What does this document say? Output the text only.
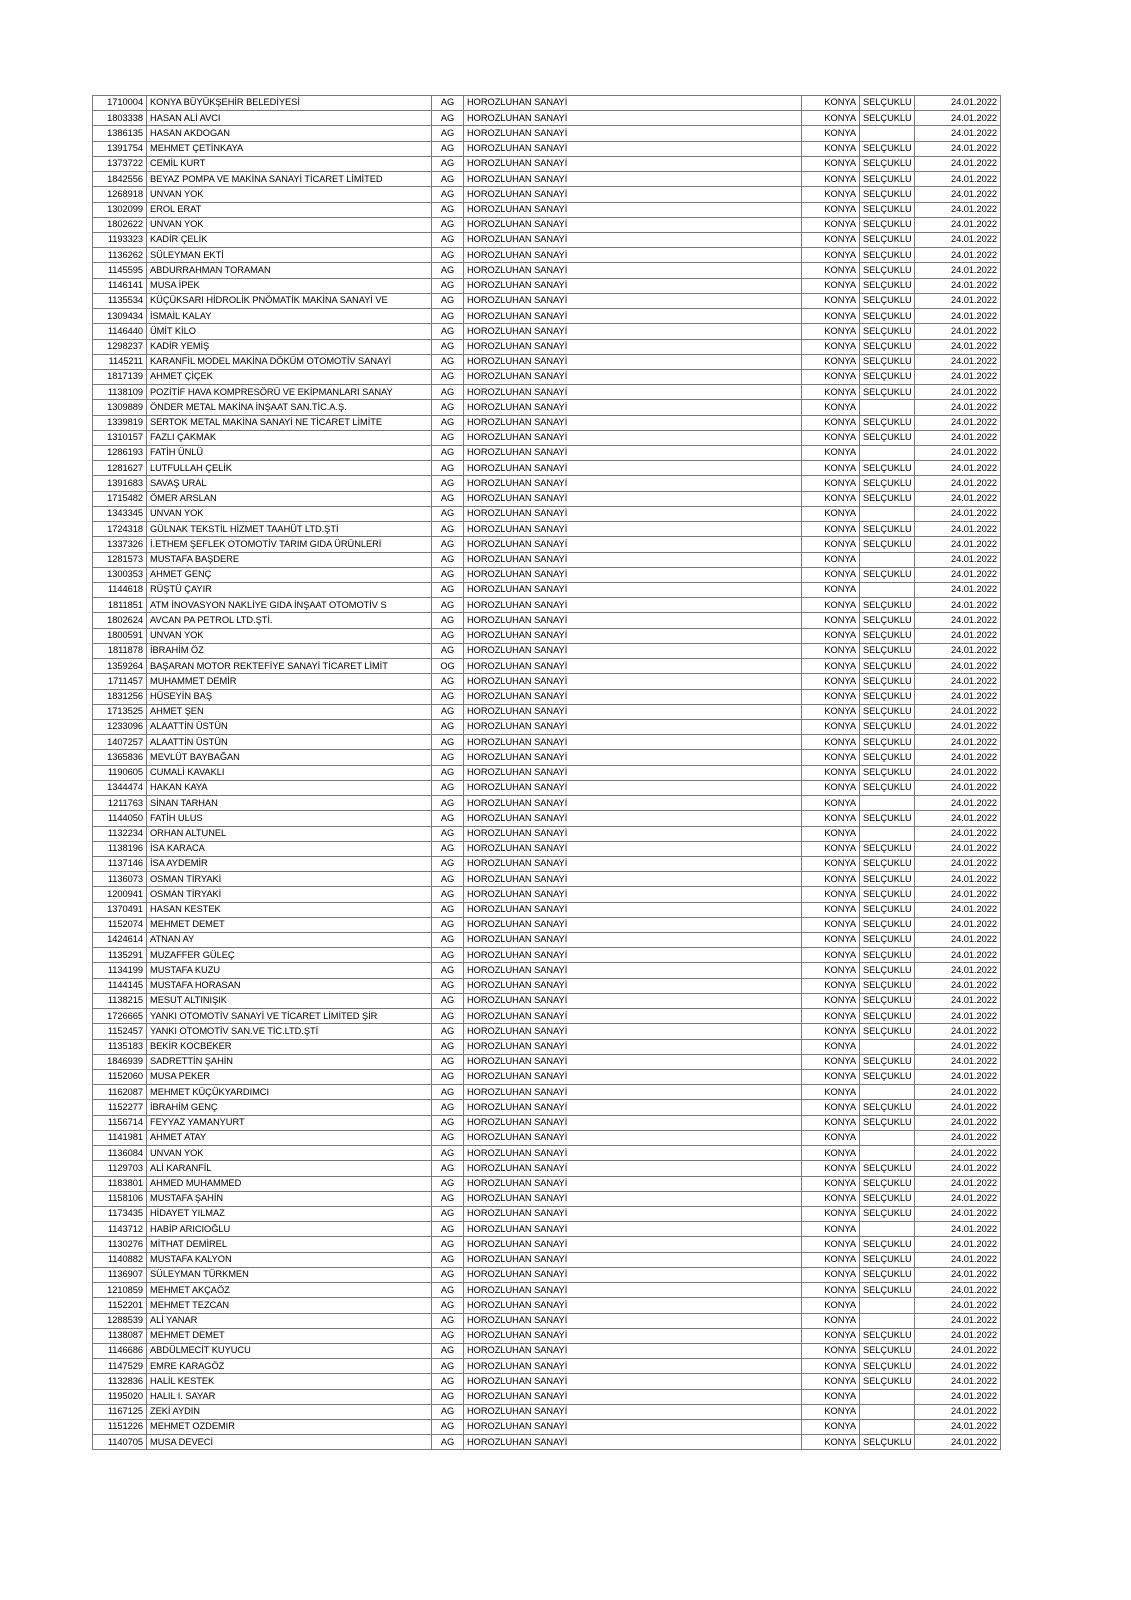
1710004	KONYA BÜYÜKŞEHİR BELEDİYESİ	AG	HOROZLUHAN SANAYİ	KONYA	SELÇUKLU	24.01.2022
1803338	HASAN ALİ AVCI	AG	HOROZLUHAN SANAYİ	KONYA	SELÇUKLU	24.01.2022
1386135	HASAN AKDOGAN	AG	HOROZLUHAN SANAYİ	KONYA		24.01.2022
1391754	MEHMET ÇETİNKAYA	AG	HOROZLUHAN SANAYİ	KONYA	SELÇUKLU	24.01.2022
1373722	CEMİL KURT	AG	HOROZLUHAN SANAYİ	KONYA	SELÇUKLU	24.01.2022
1842556	BEYAZ POMPA VE MAKİNA SANAYİ TİCARET LİMİTED	AG	HOROZLUHAN SANAYİ	KONYA	SELÇUKLU	24.01.2022
1268918	UNVAN YOK	AG	HOROZLUHAN SANAYİ	KONYA	SELÇUKLU	24.01.2022
1302099	EROL ERAT	AG	HOROZLUHAN SANAYİ	KONYA	SELÇUKLU	24.01.2022
1802622	UNVAN YOK	AG	HOROZLUHAN SANAYİ	KONYA	SELÇUKLU	24.01.2022
1193323	KADİR ÇELİK	AG	HOROZLUHAN SANAYİ	KONYA	SELÇUKLU	24.01.2022
1136262	SÜLEYMAN EKTİ	AG	HOROZLUHAN SANAYİ	KONYA	SELÇUKLU	24.01.2022
1145595	ABDURRAHMAN TORAMAN	AG	HOROZLUHAN SANAYİ	KONYA	SELÇUKLU	24.01.2022
1146141	MUSA İPEK	AG	HOROZLUHAN SANAYİ	KONYA	SELÇUKLU	24.01.2022
1135534	KÜÇÜKSARI HİDROLİK PNÖMATİK MAKİNA SANAYİ VE	AG	HOROZLUHAN SANAYİ	KONYA	SELÇUKLU	24.01.2022
1309434	İSMAİL KALAY	AG	HOROZLUHAN SANAYİ	KONYA	SELÇUKLU	24.01.2022
1146440	ÜMİT KİLO	AG	HOROZLUHAN SANAYİ	KONYA	SELÇUKLU	24.01.2022
1298237	KADİR YEMİŞ	AG	HOROZLUHAN SANAYİ	KONYA	SELÇUKLU	24.01.2022
1145211	KARANFİL MODEL MAKİNA DÖKÜM OTOMOTİV SANAYİ	AG	HOROZLUHAN SANAYİ	KONYA	SELÇUKLU	24.01.2022
1817139	AHMET ÇİÇEK	AG	HOROZLUHAN SANAYİ	KONYA	SELÇUKLU	24.01.2022
1138109	POZİTİF HAVA KOMPRESÖRÜ VE EKİPMANLARI SANAY	AG	HOROZLUHAN SANAYİ	KONYA	SELÇUKLU	24.01.2022
1309889	ÖNDER METAL MAKİNA İNŞAAT SAN.TİC.A.Ş.	AG	HOROZLUHAN SANAYİ	KONYA		24.01.2022
1339819	SERTOK METAL MAKİNA SANAYİ NE TİCARET LİMİTE	AG	HOROZLUHAN SANAYİ	KONYA	SELÇUKLU	24.01.2022
1310157	FAZLI ÇAKMAK	AG	HOROZLUHAN SANAYİ	KONYA	SELÇUKLU	24.01.2022
1286193	FATİH ÜNLÜ	AG	HOROZLUHAN SANAYİ	KONYA		24.01.2022
1281627	LUTFULLAH ÇELİK	AG	HOROZLUHAN SANAYİ	KONYA	SELÇUKLU	24.01.2022
1391683	SAVAŞ URAL	AG	HOROZLUHAN SANAYİ	KONYA	SELÇUKLU	24.01.2022
1715482	ÖMER ARSLAN	AG	HOROZLUHAN SANAYİ	KONYA	SELÇUKLU	24.01.2022
1343345	UNVAN YOK	AG	HOROZLUHAN SANAYİ	KONYA		24.01.2022
1724318	GÜLNAK TEKSTİL HİZMET TAAHÜT LTD.ŞTİ	AG	HOROZLUHAN SANAYİ	KONYA	SELÇUKLU	24.01.2022
1337326	İ.ETHEM ŞEFLEK OTOMOTİV TARIM GIDA ÜRÜNLERİ	AG	HOROZLUHAN SANAYİ	KONYA	SELÇUKLU	24.01.2022
1281573	MUSTAFA BAŞDERE	AG	HOROZLUHAN SANAYİ	KONYA		24.01.2022
1300353	AHMET GENÇ	AG	HOROZLUHAN SANAYİ	KONYA	SELÇUKLU	24.01.2022
1144618	RÜŞTÜ ÇAYIR	AG	HOROZLUHAN SANAYİ	KONYA		24.01.2022
1811851	ATM İNOVASYON NAKLİYE GIDA İNŞAAT OTOMOTİV S	AG	HOROZLUHAN SANAYİ	KONYA	SELÇUKLU	24.01.2022
1802624	AVCAN PA PETROL LTD.ŞTİ.	AG	HOROZLUHAN SANAYİ	KONYA	SELÇUKLU	24.01.2022
1800591	UNVAN YOK	AG	HOROZLUHAN SANAYİ	KONYA	SELÇUKLU	24.01.2022
1811878	İBRAHİM ÖZ	AG	HOROZLUHAN SANAYİ	KONYA	SELÇUKLU	24.01.2022
1359264	BAŞARAN MOTOR REKTEFİYE SANAYİ TİCARET LİMİT	OG	HOROZLUHAN SANAYİ	KONYA	SELÇUKLU	24.01.2022
1711457	MUHAMMET DEMİR	AG	HOROZLUHAN SANAYİ	KONYA	SELÇUKLU	24.01.2022
1831256	HÜSEYİN BAŞ	AG	HOROZLUHAN SANAYİ	KONYA	SELÇUKLU	24.01.2022
1713525	AHMET ŞEN	AG	HOROZLUHAN SANAYİ	KONYA	SELÇUKLU	24.01.2022
1233096	ALAATTİN ÜSTÜN	AG	HOROZLUHAN SANAYİ	KONYA	SELÇUKLU	24.01.2022
1407257	ALAATTİN ÜSTÜN	AG	HOROZLUHAN SANAYİ	KONYA	SELÇUKLU	24.01.2022
1365836	MEVLÜT BAYBAĞAN	AG	HOROZLUHAN SANAYİ	KONYA	SELÇUKLU	24.01.2022
1190605	CUMALİ KAVAKLI	AG	HOROZLUHAN SANAYİ	KONYA	SELÇUKLU	24.01.2022
1344474	HAKAN KAYA	AG	HOROZLUHAN SANAYİ	KONYA	SELÇUKLU	24.01.2022
1211763	SİNAN TARHAN	AG	HOROZLUHAN SANAYİ	KONYA		24.01.2022
1144050	FATİH ULUS	AG	HOROZLUHAN SANAYİ	KONYA	SELÇUKLU	24.01.2022
1132234	ORHAN ALTUNEL	AG	HOROZLUHAN SANAYİ	KONYA		24.01.2022
1138196	İSA KARACA	AG	HOROZLUHAN SANAYİ	KONYA	SELÇUKLU	24.01.2022
1137146	İSA AYDEMİR	AG	HOROZLUHAN SANAYİ	KONYA	SELÇUKLU	24.01.2022
1136073	OSMAN TİRYAKİ	AG	HOROZLUHAN SANAYİ	KONYA	SELÇUKLU	24.01.2022
1200941	OSMAN TİRYAKİ	AG	HOROZLUHAN SANAYİ	KONYA	SELÇUKLU	24.01.2022
1370491	HASAN KESTEK	AG	HOROZLUHAN SANAYİ	KONYA	SELÇUKLU	24.01.2022
1152074	MEHMET DEMET	AG	HOROZLUHAN SANAYİ	KONYA	SELÇUKLU	24.01.2022
1424614	ATNAN AY	AG	HOROZLUHAN SANAYİ	KONYA	SELÇUKLU	24.01.2022
1135291	MUZAFFER GÜLEÇ	AG	HOROZLUHAN SANAYİ	KONYA	SELÇUKLU	24.01.2022
1134199	MUSTAFA KUZU	AG	HOROZLUHAN SANAYİ	KONYA	SELÇUKLU	24.01.2022
1144145	MUSTAFA HORASAN	AG	HOROZLUHAN SANAYİ	KONYA	SELÇUKLU	24.01.2022
1138215	MESUT ALTINIŞIK	AG	HOROZLUHAN SANAYİ	KONYA	SELÇUKLU	24.01.2022
1726665	YANKI OTOMOTİV SANAYİ VE TİCARET LİMİTED ŞİR	AG	HOROZLUHAN SANAYİ	KONYA	SELÇUKLU	24.01.2022
1152457	YANKI OTOMOTİV SAN.VE TİC.LTD.ŞTİ	AG	HOROZLUHAN SANAYİ	KONYA	SELÇUKLU	24.01.2022
1135183	BEKİR KOCBEKER	AG	HOROZLUHAN SANAYİ	KONYA		24.01.2022
1846939	SADRETTİN ŞAHİN	AG	HOROZLUHAN SANAYİ	KONYA	SELÇUKLU	24.01.2022
1152060	MUSA PEKER	AG	HOROZLUHAN SANAYİ	KONYA	SELÇUKLU	24.01.2022
1162087	MEHMET KÜÇÜKYARDIMCI	AG	HOROZLUHAN SANAYİ	KONYA		24.01.2022
1152277	İBRAHİM GENÇ	AG	HOROZLUHAN SANAYİ	KONYA	SELÇUKLU	24.01.2022
1156714	FEYYAZ YAMANYURT	AG	HOROZLUHAN SANAYİ	KONYA	SELÇUKLU	24.01.2022
1141981	AHMET ATAY	AG	HOROZLUHAN SANAYİ	KONYA		24.01.2022
1136084	UNVAN YOK	AG	HOROZLUHAN SANAYİ	KONYA		24.01.2022
1129703	ALİ KARANFİL	AG	HOROZLUHAN SANAYİ	KONYA	SELÇUKLU	24.01.2022
1183801	AHMED MUHAMMED	AG	HOROZLUHAN SANAYİ	KONYA	SELÇUKLU	24.01.2022
1158106	MUSTAFA ŞAHİN	AG	HOROZLUHAN SANAYİ	KONYA	SELÇUKLU	24.01.2022
1173435	HİDAYET YILMAZ	AG	HOROZLUHAN SANAYİ	KONYA	SELÇUKLU	24.01.2022
1143712	HABİP ARICIOĞLU	AG	HOROZLUHAN SANAYİ	KONYA		24.01.2022
1130276	MİTHAT DEMİREL	AG	HOROZLUHAN SANAYİ	KONYA	SELÇUKLU	24.01.2022
1140882	MUSTAFA KALYON	AG	HOROZLUHAN SANAYİ	KONYA	SELÇUKLU	24.01.2022
1136907	SÜLEYMAN TÜRKMEN	AG	HOROZLUHAN SANAYİ	KONYA	SELÇUKLU	24.01.2022
1210859	MEHMET AKÇAÖZ	AG	HOROZLUHAN SANAYİ	KONYA	SELÇUKLU	24.01.2022
1152201	MEHMET TEZCAN	AG	HOROZLUHAN SANAYİ	KONYA		24.01.2022
1288539	ALİ YANAR	AG	HOROZLUHAN SANAYİ	KONYA		24.01.2022
1138087	MEHMET DEMET	AG	HOROZLUHAN SANAYİ	KONYA	SELÇUKLU	24.01.2022
1146686	ABDÜLMECİT KUYUCU	AG	HOROZLUHAN SANAYİ	KONYA	SELÇUKLU	24.01.2022
1147529	EMRE KARAGÖZ	AG	HOROZLUHAN SANAYİ	KONYA	SELÇUKLU	24.01.2022
1132836	HALİL KESTEK	AG	HOROZLUHAN SANAYİ	KONYA	SELÇUKLU	24.01.2022
1195020	HALIL I. SAYAR	AG	HOROZLUHAN SANAYİ	KONYA		24.01.2022
1167125	ZEKİ AYDIN	AG	HOROZLUHAN SANAYİ	KONYA		24.01.2022
1151226	MEHMET OZDEMIR	AG	HOROZLUHAN SANAYİ	KONYA		24.01.2022
1140705	MUSA DEVECİ	AG	HOROZLUHAN SANAYİ	KONYA	SELÇUKLU	24.01.2022
